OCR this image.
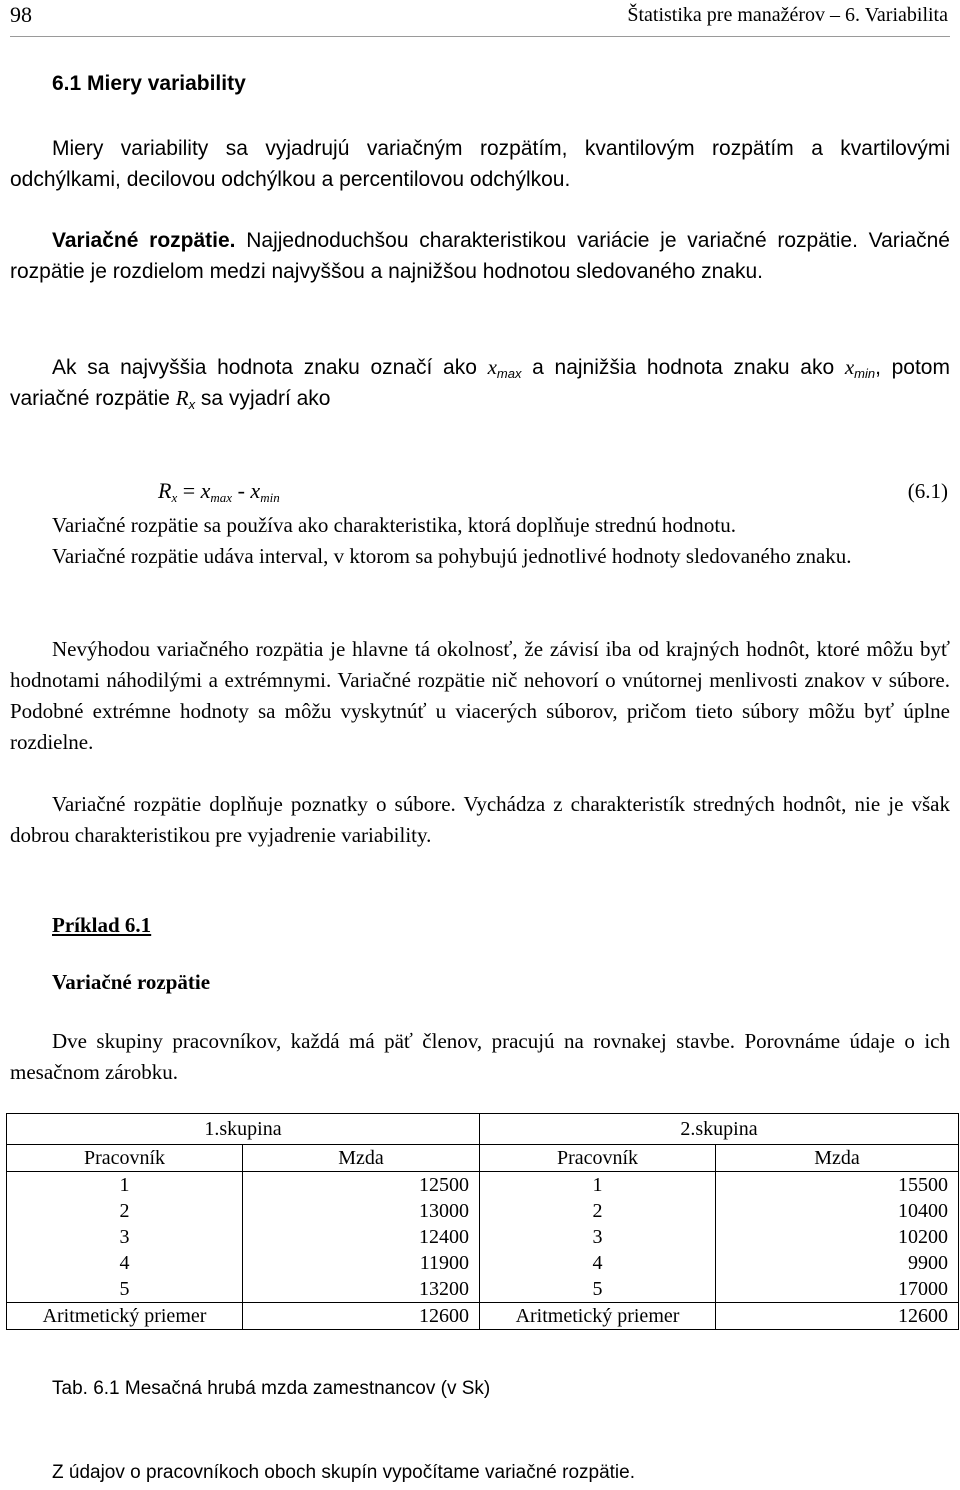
98	Štatistika pre manažérov – 6. Variabilita
6.1 Miery variability
Miery variability sa vyjadrujú variačným rozpätím, kvantilovým rozpätím a kvartilovými odchýlkami, decilovou odchýlkou a percentilovou odchýlkou.
Variačné rozpätie. Najjednoduchšou charakteristikou variácie je variačné rozpätie. Variačné rozpätie je rozdielom medzi najvyššou a najnižšou hodnotou sledovaného znaku.
Ak sa najvyššia hodnota znaku označí ako $x_{max}$ a najnižšia hodnota znaku ako $x_{min}$, potom variačné rozpätie $R_x$ sa vyjadrí ako
$R_x = x_{max} - x_{min}$	(6.1)
Variačné rozpätie sa používa ako charakteristika, ktorá doplňuje strednú hodnotu.
Variačné rozpätie udáva interval, v ktorom sa pohybujú jednotlivé hodnoty sledovaného znaku.
Nevýhodou variačného rozpätia je hlavne tá okolnosť, že závisí iba od krajných hodnôt, ktoré môžu byť hodnotami náhodilými a extrémnymi. Variačné rozpätie nič nehovorí o vnútornej menlivosti znakov v súbore. Podobné extrémne hodnoty sa môžu vyskytnúť u viacerých súborov, pričom tieto súbory môžu byť úplne rozdielne.
Variačné rozpätie doplňuje poznatky o súbore. Vychádza z charakteristík stredných hodnôt, nie je však dobrou charakteristikou pre vyjadrenie variability.
Príklad 6.1
Variačné rozpätie
Dve skupiny pracovníkov, každá má päť členov, pracujú na rovnakej stavbe. Porovnáme údaje o ich mesačnom zárobku.
1.skupina		2.skupina	
Pracovník	Mzda	Pracovník	Mzda
1	12500	1	15500
2	13000	2	10400
3	12400	3	10200
4	11900	4	9900
5	13200	5	17000
Aritmetický priemer	12600	Aritmetický priemer	12600
Tab. 6.1 Mesačná hrubá mzda zamestnancov (v Sk)
Z údajov o pracovníkoch oboch skupín vypočítame variačné rozpätie.
